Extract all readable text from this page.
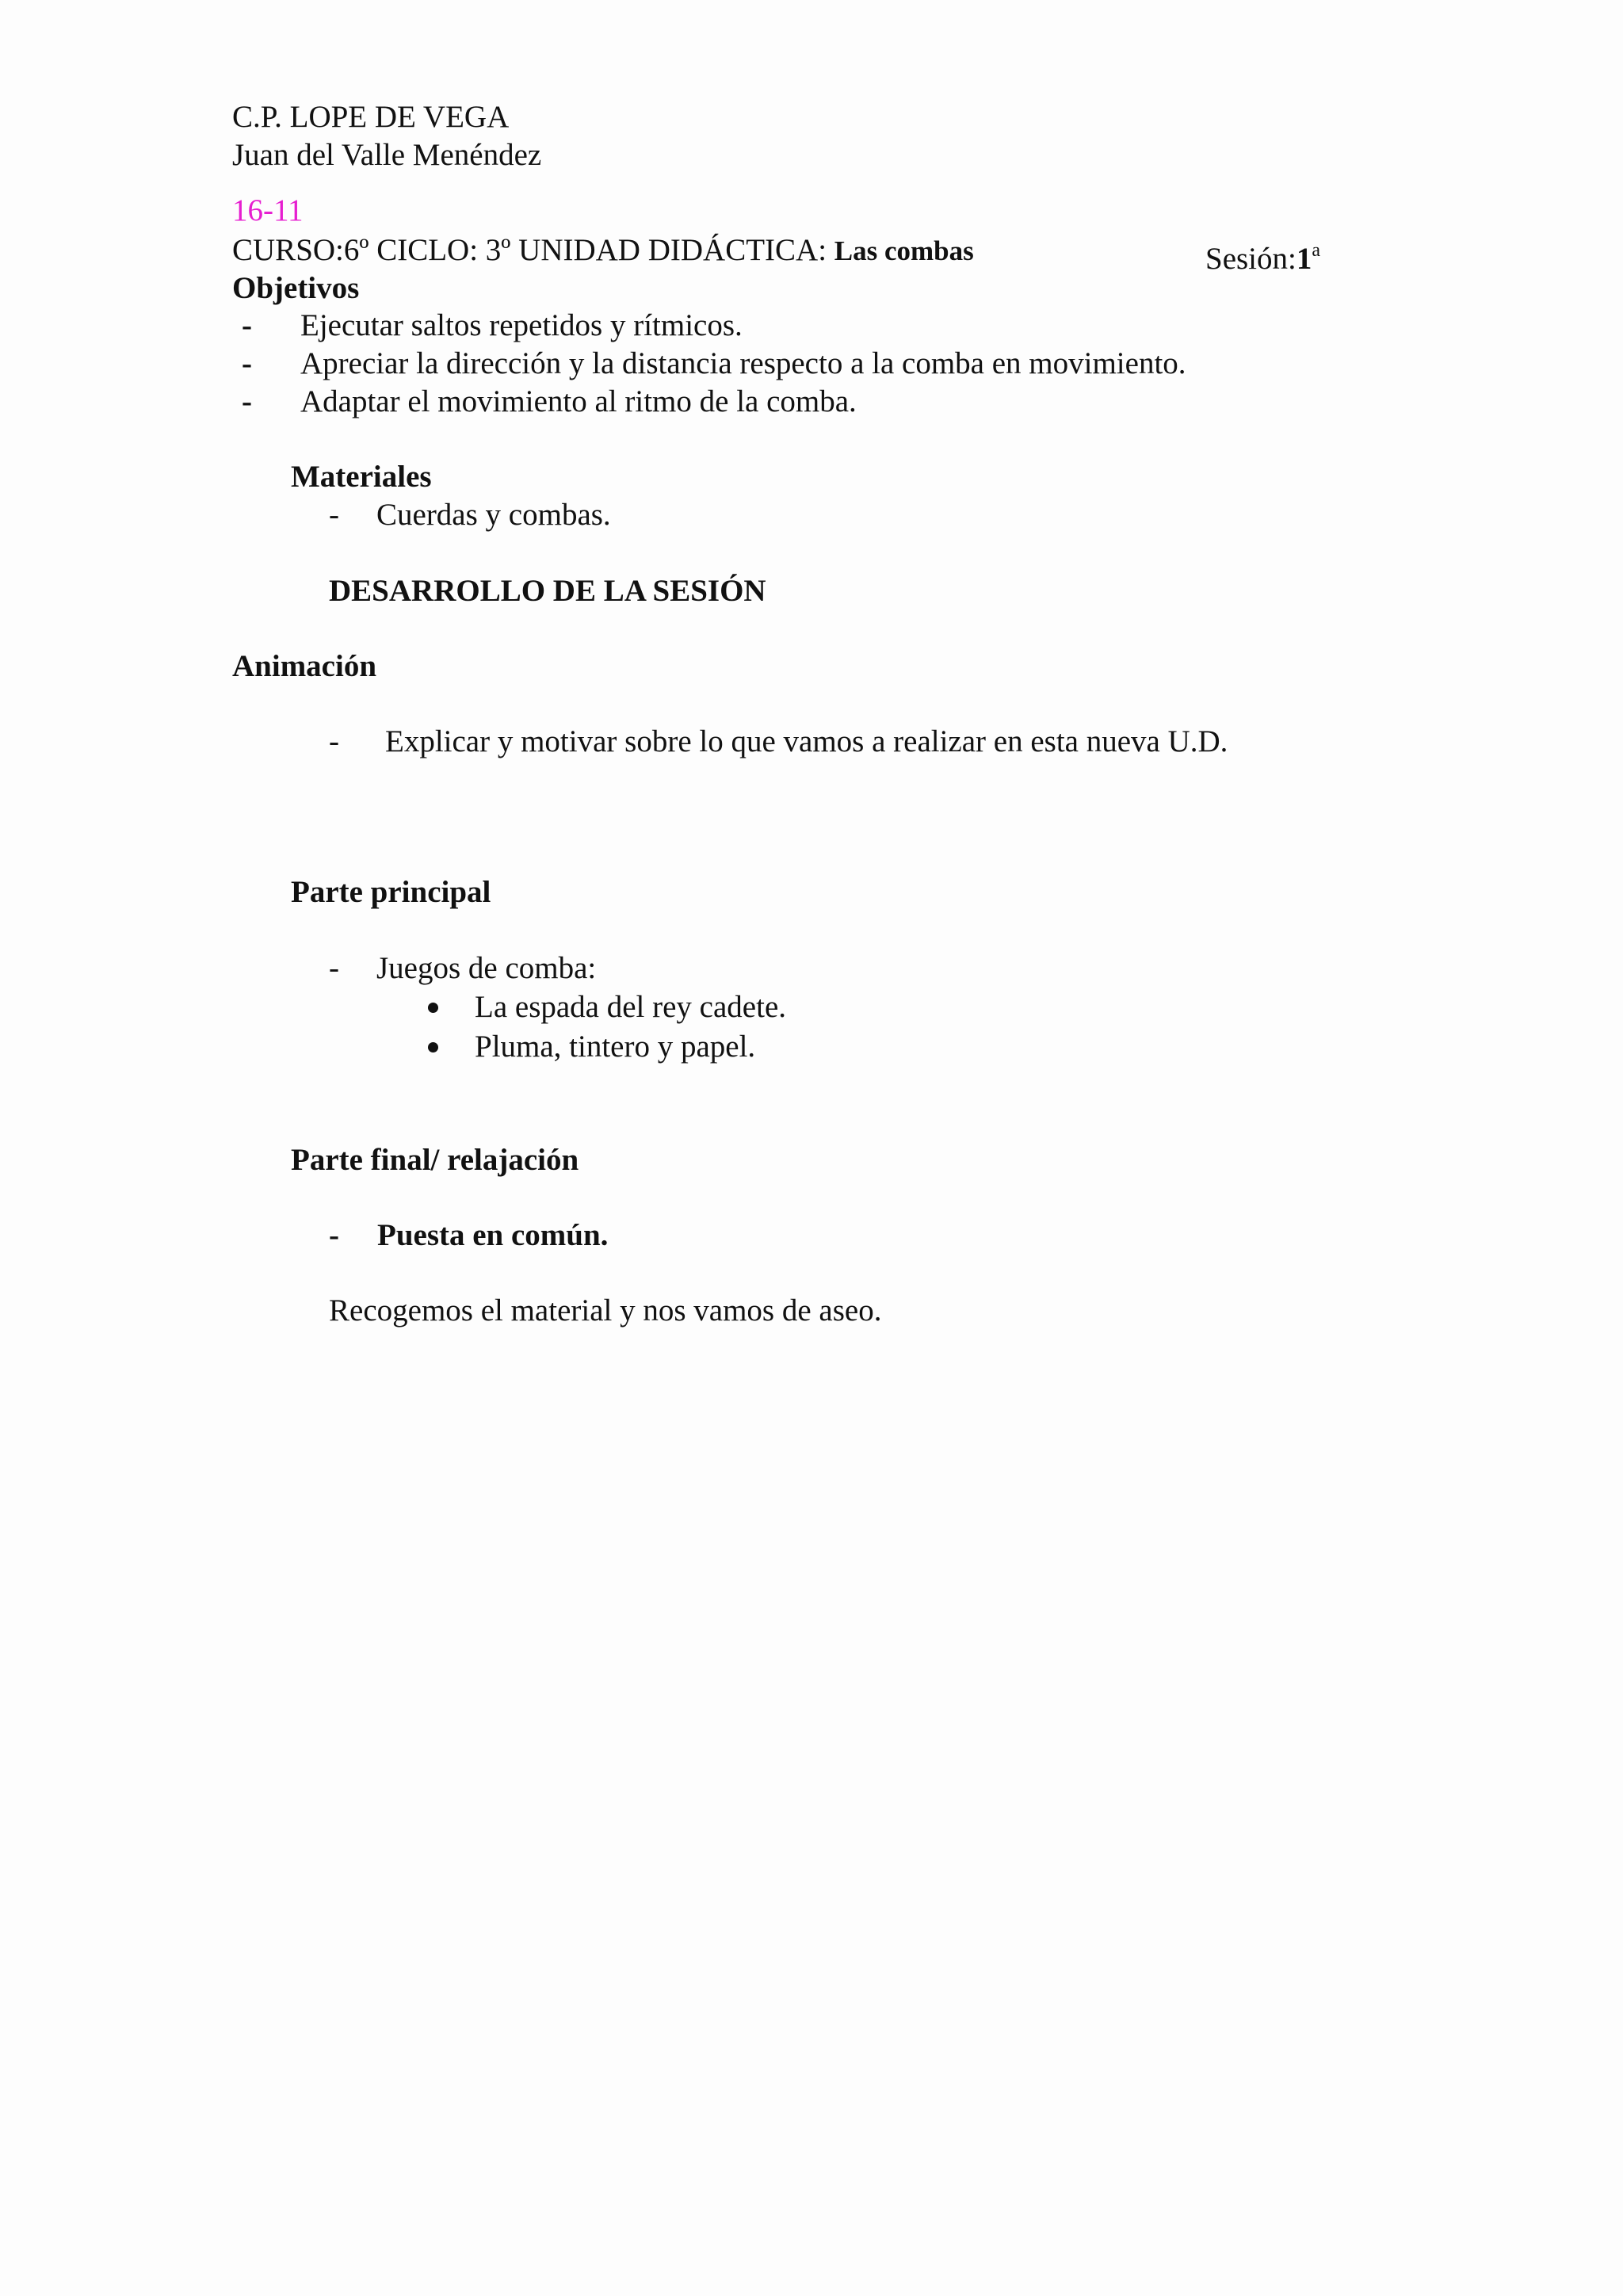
C.P. LOPE DE VEGA
Juan del Valle Menéndez
16-11
CURSO:6º CICLO: 3º UNIDAD DIDÁCTICA: Las combas	Sesión:1$^a$
Objetivos
- Ejecutar saltos repetidos y rítmicos.
- Apreciar la dirección y la distancia respecto a la comba en movimiento.
- Adaptar el movimiento al ritmo de la comba.
Materiales
- Cuerdas y combas.
DESARROLLO DE LA SESIÓN
Animación
- Explicar y motivar sobre lo que vamos a realizar en esta nueva U.D.
Parte principal
- Juegos de comba:
La espada del rey cadete.
Pluma, tintero y papel.
Parte final/ relajación
- Puesta en común.
Recogemos el material y nos vamos de aseo.
